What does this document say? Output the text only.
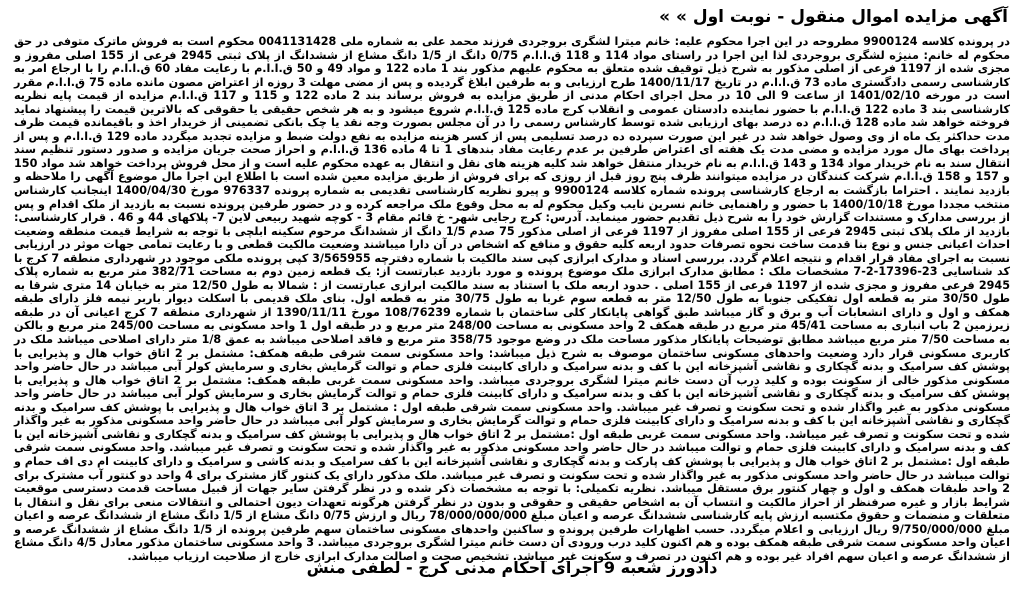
آگهی مزایده اموال منقول - نوبت اول » »

در پرونده کلاسه 9900124 مطروحه در این اجرا محکوم علیه: خانم میترا لشگری بروجردی فرزند محمد علی به شماره ملی 0041131428 محکوم است به فروش ماترک متوفی در حق محکوم له خانم: منیژه لشگری بروجردی لذا این اجرا در راستای مواد 114 و 118 ق.ا.ا.م 0/75 دانگ از 1/5 دانگ مشاع از ششدانگ از پلاک ثبتی 2945 فرعی از 155 اصلی مفروز و مجزی شده از 1197 فرعی از اصلی مذکور به شرح ذیل توقیف شده متعلق به محکوم علیهم مذکور بند 1 ماده 122 و مواد 49 و 50 ق.ا.ا.م با رعایت مفاد 60 ق.ا.ا.م را با ارجاع امر به کارشناسی رسمی دادگستری ماده 73 ق.ا.ا.م در تاریخ 1400/11/17 طرح ارزیابی و به طرفین ابلاغ گردیده و پس از مضی مهلت 3 روزه از اعتراض مصون مانده ماده 75 ق.ا.ا.م مقرر است در مورخه 1401/02/10 از ساعت 9 الی 10 در محل اجرای احکام مدنی از طریق مزایده به فروش برساند بند 2 ماده 122 و 115 و 117 ق.ا.ا.م مزایده از قیمت پایه نظریه کارشناسی بند 3 ماده 122 ق.ا.ا.م با حضور نماینده دادستان عمومی و انقلاب کرج ماده 125 ق.ا.ا.م شروع میشود و به هر شخص حقیقی یا حقوقی که بالاترین قیمت را پیشنهاد نماید فروخته خواهد شد ماده 128 ق.ا.ا.م ده درصد بهای ارزیابی شده توسط کارشناس رسمی را در آن مجلس بصورت وجه نقد یا چک بانکی تضمینی از خریدار اخذ و باقیمانده قیمت ظرف مدت حداکثر یک ماه از وی وصول خواهد شد در غیر این صورت سپرده ده درصد تسلیمی پس از کسر هزینه مزایده به نفع دولت ضبط و مزایده تجدید میگردد ماده 129 ق.ا.ا.م و پس از پرداخت بهای مال مورد مزایده و مضی مدت یک هفته ای اعتراض طرفین بر عدم رعایت مفاد بندهای 1 تا 4 ماده 136 ق.ا.ا.م و احراز صحت جریان مزایده و صدور دستور تنظیم سند انتقال سند به نام خریدار مواد 134 و 143 ق.ا.ا.م به نام خریدار منتقل خواهد شد کلیه هزینه های نقل و انتقال به عهده محکوم علیه است و از محل فروش پرداخت خواهد شد مواد 150 و 157 و 158 ق.ا.ا.م شرکت کنندگان در مزایده میتوانند ظرف پنج روز قبل از روزی که برای فروش از طریق مزایده معین شده است با اطلاع این اجرا مال موضوع آگهی را ملاحظه و بازدید نمایند . احتراما بازگشت به ارجاع کارشناسی پرونده شماره کلاسه 9900124 و پیرو نظریه کارشناسی تقدیمی به شماره پرونده 976337 مورخ 1400/04/30 اینجانب کارشناس منتخب مجددا مورخ 1400/10/18 با حضور و راهنمایی خانم نسرین نایب وکیل محکوم له به محل وقوع ملک مراجعه کرده و در حضور طرفین پرونده نسبت به بازدید از ملک اقدام و پس از بررسی مدارک و مستندات گزارش خود را به شرح ذیل تقدیم حضور مینماید. آدرس: کرج رجایی شهر- خ قائم مقام 3 - کوچه شهید ربیعی لاین 7- پلاکهای 44 و 46 . قرار کارشناسی: بازدید از ملک پلاک ثبتی 2945 فرعی از 155 اصلی مفروز از 1197 فرعی از اصلی مذکور 75 صدم 1/5 دانگ از ششدانگ مرحوم سکینه ابلچی با توجه به شرایط قیمت منطقه وضعیت احداث اعیانی جنس و نوع بنا قدمت ساخت نحوه تصرفات حدود اربعه کلیه حقوق و منافع که اشخاص در آن دارا میباشند وضعیت مالکیت قطعی و با رعایت تمامی جهات موثر در ارزیابی نسبت به اجرای مفاد قرار اقدام و نتیجه اعلام گردد. بررسی اسناد و مدارک ابرازی کپی سند مالکیت با شماره دفترچه 3/565955 کپی پرونده ملکی موجود در شهرداری منطقه 7 کرج با کد شناسایی 23-17396-2-7 مشخصات ملک : مطابق مدارک ابرازی ملک موضوع پرونده و مورد بازدید عبارتست از: یک قطعه زمین دوم به مساحت 382/71 متر مربع به شماره پلاک 2945 فرعی مفروز و مجزی شده از 1197 فرعی از 155 اصلی . حدود اربعه ملک با استناد به سند مالکیت ابرازی عبارتست از : شمالا به طول 12/50 متر به خیابان 14 متری شرقا به طول 30/50 متر به قطعه اول تفکیکی جنوبا به طول 12/50 متر به قطعه سوم غربا به طول 30/75 متر به قطعه اول. بنای ملک قدیمی با اسکلت دیوار باربر نیمه فلز دارای طبقه همکف و اول و دارای انشعابات آب و برق و گاز میباشد طبق گواهی پایانکار کلی ساختمان با شماره 108/76239 مورخ 1390/11/11 از شهرداری منطقه 7 کرج اعیانی آن در طبقه زیرزمین 2 باب انباری به مساحت 45/41 متر مربع در طبقه همکف 2 واحد مسکونی به مساحت 248/00 متر مربع و در طبقه اول 1 واحد مسکونی به مساحت 245/00 متر مربع و بالکن به مساحت 7/50 متر مربع میباشد مطابق توضیحات پایانکار مذکور مساحت ملک در وضع موجود 358/75 متر مربع و فاقد اصلاحی میباشد به عمق 1/8 متر دارای اصلاحی میباشد ملک در کاربری مسکونی قرار دارد وضعیت واحدهای مسکونی ساختمان موصوف به شرح ذیل میباشد: واحد مسکونی سمت شرقی طبقه همکف: مشتمل بر 2 اتاق خواب هال و پذیرایی با پوشش کف سرامیک و بدنه گچکاری و نقاشی آشپزخانه این با کف و بدنه سرامیک و دارای کابینت فلزی حمام و توالت گرمایش بخاری و سرمایش کولر آبی میباشد در حال حاضر واحد مسکونی مذکور خالی از سکونت بوده و کلید درب آن دست خانم میترا لشگری بروجردی میباشد. واحد مسکونی سمت غربی طبقه همکف: مشتمل بر 2 اتاق خواب هال و پذیرایی با پوشش کف سرامیک و بدنه گچکاری و نقاشی آشپزخانه این با کف و بدنه سرامیک و دارای کابینت فلزی حمام و توالت گرمایش بخاری و سرمایش کولر آبی میباشد در حال حاضر واحد مسکونی مذکور به غیر واگذار شده و تحت سکونت و تصرف غیر میباشد. واحد مسکونی سمت شرقی طبقه اول : مشتمل بر 3 اتاق خواب هال و پذیرایی با پوشش کف سرامیک و بدنه گچکاری و نقاشی آشپزخانه این با کف و بدنه سرامیک و دارای کابینت فلزی حمام و توالت گرمایش بخاری و سرمایش کولر آبی میباشد در حال حاضر واحد مسکونی مذکور به غیر واگذار شده و تحت سکونت و تصرف غیر میباشد. واحد مسکونی سمت غربی طبقه اول :مشتمل بر 2 اتاق خواب هال و پذیرایی با پوشش کف سرامیک و بدنه گچکاری و نقاشی آشپزخانه این با کف و بدنه سرامیک و دارای کابینت فلزی حمام و توالت میباشد در حال حاضر واحد مسکونی مذکور به غیر واگذار شده و تحت سکونت و تصرف غیر میباشد. واحد مسکونی سمت شرقی طبقه اول :مشتمل بر 2 اتاق خواب هال و پذیرایی با پوشش کف پارکت و بدنه گچکاری و نقاشی آشپزخانه این با کف سرامیک و بدنه کاشی و سرامیک و دارای کابینت ام دی اف حمام و توالت میباشد در حال حاضر واحد مسکونی مذکور به غیر واگذار شده و تحت سکونت و تصرف غیر میباشد. ملک مذکور دارای یک کنتور گاز مشترک برای 4 واحد دو کنتور آب مشترک برای 2 واحد طبقات همکف و اول و چهار کنتور برق مستقل میباشد. نظریه تکمیلی: با توجه به مشخصات ذکر شده و در نظر گرفتن سایر جهات از قبیل مساحت قدمت دسترسی موقعیت شرایط بازار و غیره صرفنظر از احراز مالکیت و انتساب آن به اشخاص حقیقی و حقوقی و بدون در نظر گرفتن هرگونه تعهدات دیون احتمالی و انتقالات منعی برای نقل و انتقال با متعلقات و منضمات و حقوق مکتسبه ارزش پایه کارشناسی ششدانگ عرصه و اعیان مبلغ 78/000/000/000 ریال و ارزش 0/75 دانگ مشاع از 1/5 دانگ مشاع از ششدانگ عرصه و اعیان مبلغ 9/750/000/000 ریال ارزیابی و اعلام میگردد. حسب اظهارات طرفین پرونده و ساکنین واحدهای مسکونی ساختمان سهم طرفین پرونده از 1/5 دانگ مشاع از ششدانگ عرصه و اعیان واحد مسکونی سمت شرقی طبقه همکف بوده و هم اکنون کلید درب ورودی آن دست خانم میترا لشگری بروجردی میباشد. 3 واحد مسکونی ساختمان مذکور معادل 4/5 دانگ مشاع از ششدانگ عرصه و اعیان سهم افراد غیر بوده و هم اکنون در تصرف و سکونت غیر میباشد. تشخیص صحت و اصالت مدارک ابرازی خارج از صلاحیت ارزیاب میباشد.

دادورز شعبه 9 اجرای احکام مدنی کرج - لطفی منش
